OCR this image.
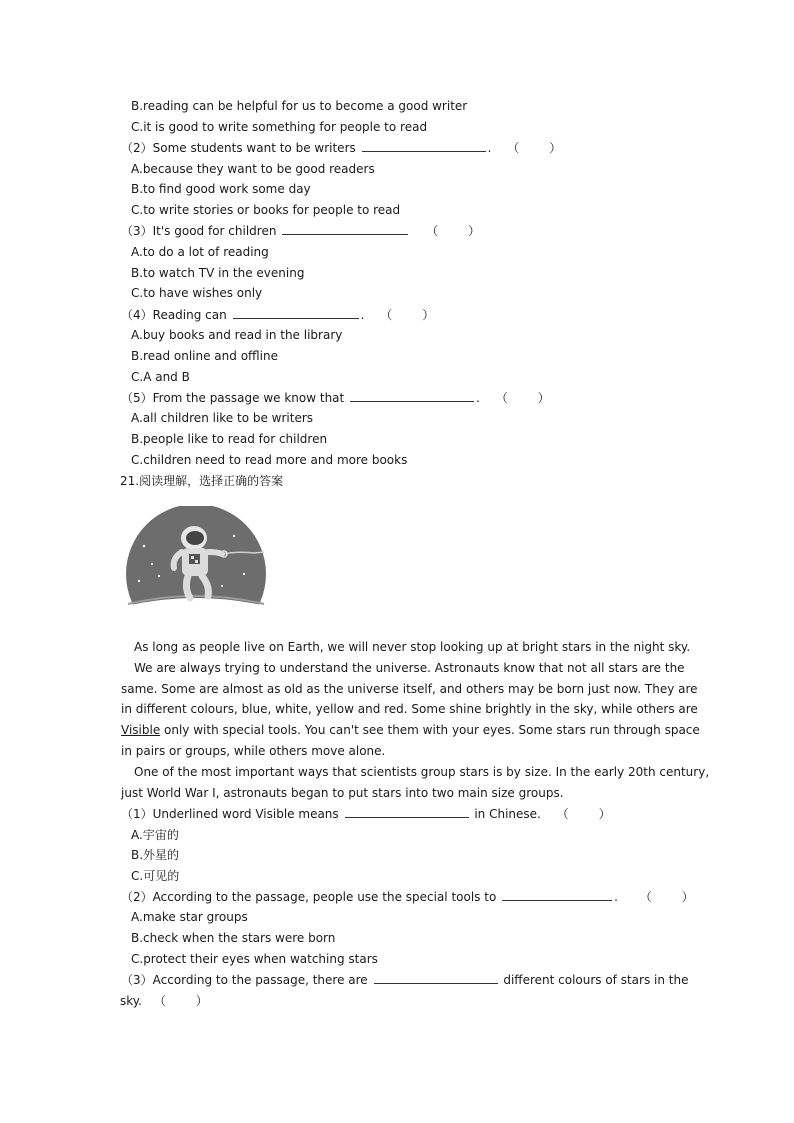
B.reading can be helpful for us to become a good writer
C.it is good to write something for people to read
（2）Some students want to be writers	. （	）
A.because they want to be good readers
B.to find good work some day
C.to write stories or books for people to read
（3）It's good for children	（	）
A.to do a lot of reading
B.to watch TV in the evening
C.to have wishes only
（4）Reading can	. （	）
A.buy books and read in the library
B.read online and offline
C.A and B
（5）From the passage we know that	. （	）
A.all children like to be writers
B.people like to read for children
C.children need to read more and more books
21.阅读理解，选择正确的答案
As long as people live on Earth, we will never stop looking up at bright stars in the night sky.
We are always trying to understand the universe. Astronauts know that not all stars are the
same. Some are almost as old as the universe itself, and others may be born just now. They are
in different colours, blue, white, yellow and red. Some shine brightly in the sky, while others are
Visible only with special tools. You can't see them with your eyes. Some stars run through space
in pairs or groups, while others move alone.
One of the most important ways that scientists group stars is by size. In the early 20th century,
just World War I, astronauts began to put stars into two main size groups.
（1）Underlined word Visible means	in Chinese. （	）
A.宇宙的
B.外星的
C.可见的
（2）According to the passage, people use the special tools to	. （	）
A.make star groups
B.check when the stars were born
C.protect their eyes when watching stars
（3）According to the passage, there are	different colours of stars in the
sky. （	）
